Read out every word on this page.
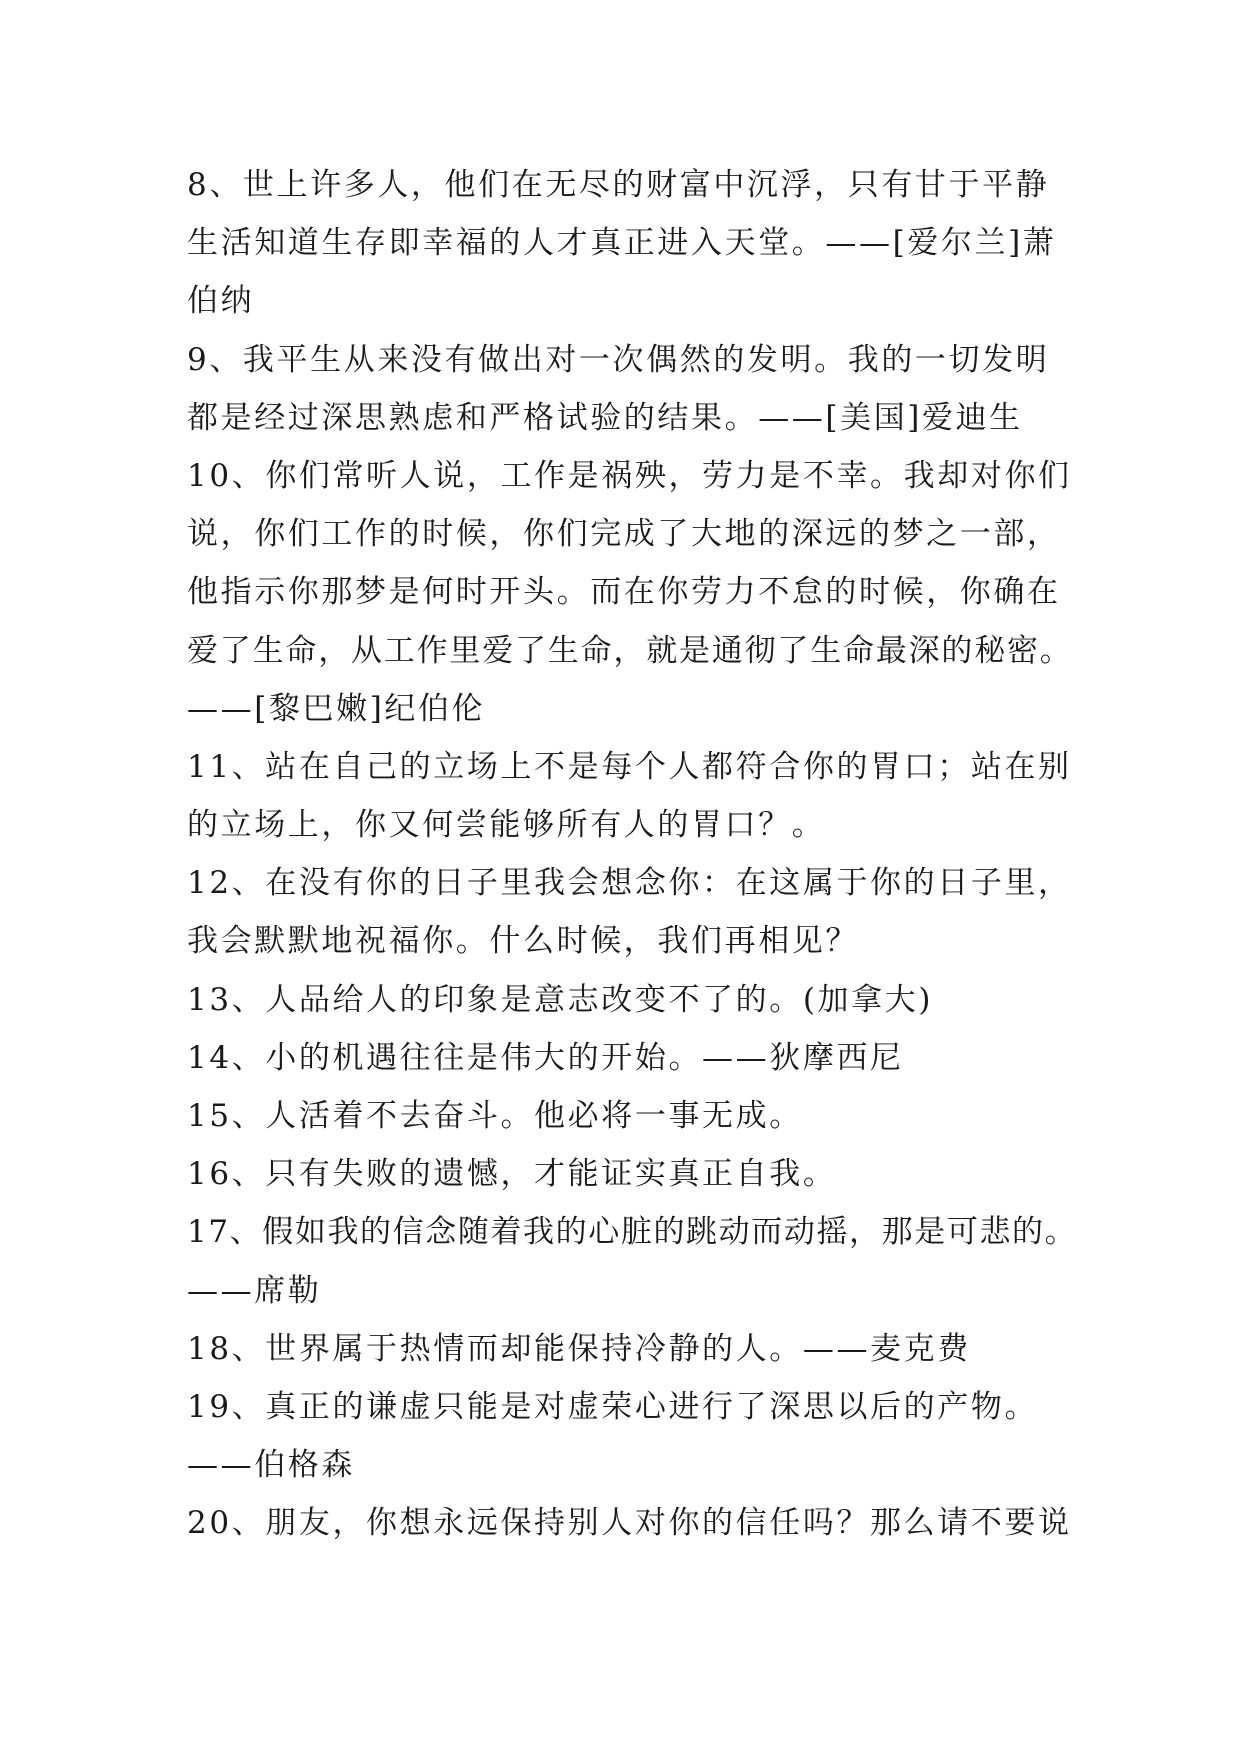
8、世上许多人，他们在无尽的财富中沉浮，只有甘于平静
生活知道生存即幸福的人才真正进入天堂。——[爱尔兰]萧
伯纳
9、我平生从来没有做出对一次偶然的发明。我的一切发明
都是经过深思熟虑和严格试验的结果。——[美国]爱迪生
10、你们常听人说，工作是祸殃，劳力是不幸。我却对你们
说，你们工作的时候，你们完成了大地的深远的梦之一部，
他指示你那梦是何时开头。而在你劳力不怠的时候，你确在
爱了生命，从工作里爱了生命，就是通彻了生命最深的秘密。
——[黎巴嫩]纪伯伦
11、站在自己的立场上不是每个人都符合你的胃口；站在别
的立场上，你又何尝能够所有人的胃口？。
12、在没有你的日子里我会想念你：在这属于你的日子里，
我会默默地祝福你。什么时候，我们再相见？
13、人品给人的印象是意志改变不了的。(加拿大)
14、小的机遇往往是伟大的开始。——狄摩西尼
15、人活着不去奋斗。他必将一事无成。
16、只有失败的遗憾，才能证实真正自我。
17、假如我的信念随着我的心脏的跳动而动摇，那是可悲的。
——席勒
18、世界属于热情而却能保持冷静的人。——麦克费
19、真正的谦虚只能是对虚荣心进行了深思以后的产物。
——伯格森
20、朋友，你想永远保持别人对你的信任吗？那么请不要说
